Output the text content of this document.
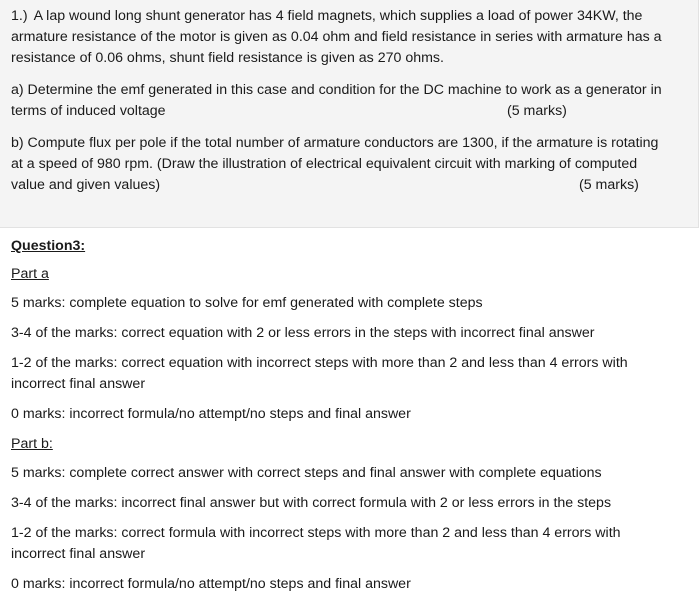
1.) A lap wound long shunt generator has 4 field magnets, which supplies a load of power 34KW, the armature resistance of the motor is given as 0.04 ohm and field resistance in series with armature has a resistance of 0.06 ohms, shunt field resistance is given as 270 ohms.

a) Determine the emf generated in this case and condition for the DC machine to work as a generator in terms of induced voltage	(5 marks)

b) Compute flux per pole if the total number of armature conductors are 1300, if the armature is rotating at a speed of 980 rpm. (Draw the illustration of electrical equivalent circuit with marking of computed value and given values)	(5 marks)
Question3:
Part a

5 marks: complete equation to solve for emf generated with complete steps

3-4 of the marks: correct equation with 2 or less errors in the steps with incorrect final answer

1-2 of the marks: correct equation with incorrect steps with more than 2 and less than 4 errors with incorrect final answer

0 marks: incorrect formula/no attempt/no steps and final answer

Part b:

5 marks: complete correct answer with correct steps and final answer with complete equations

3-4 of the marks: incorrect final answer but with correct formula with 2 or less errors in the steps

1-2 of the marks: correct formula with incorrect steps with more than 2 and less than 4 errors with incorrect final answer

0 marks: incorrect formula/no attempt/no steps and final answer
